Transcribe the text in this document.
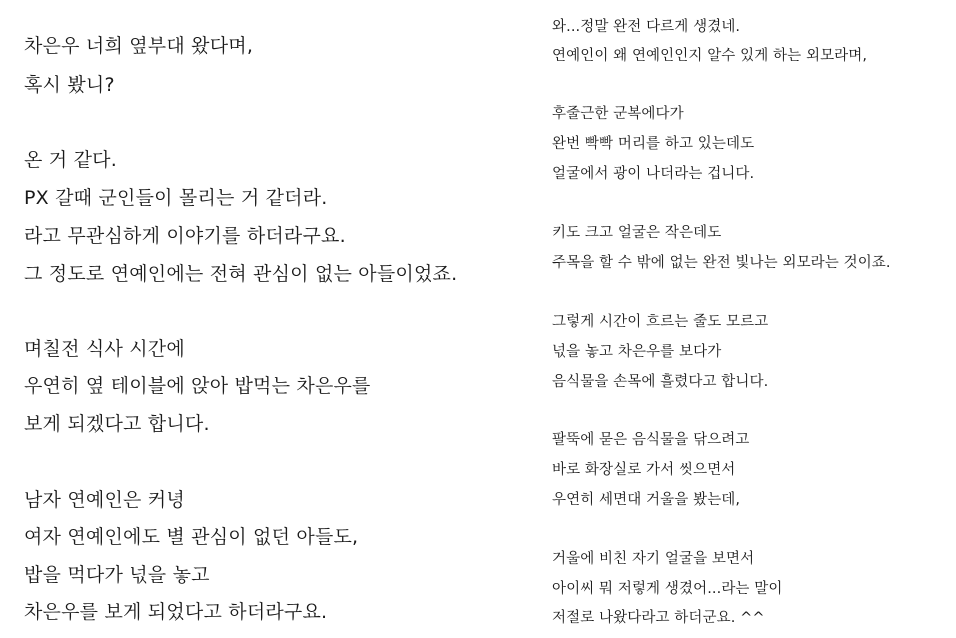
차은우 너희 옆부대 왔다며,

혹시 봤니?

온 거 같다.

PX 갈때 군인들이 몰리는 거 같더라.

라고 무관심하게 이야기를 하더라구요.

그 정도로 연예인에는 전혀 관심이 없는 아들이었죠.

며칠전 식사 시간에

우연히 옆 테이블에 앉아 밥먹는 차은우를

보게 되겠다고 합니다.

남자 연예인은 커녕

여자 연예인에도 별 관심이 없던 아들도,

밥을 먹다가 넋을 놓고

차은우를 보게 되었다고 하더라구요.

와...정말 완전 다르게 생겼네.

연예인이 왜 연예인인지 알수 있게 하는 외모라며,

후줄근한 군복에다가

완번 빡빡 머리를 하고 있는데도

얼굴에서 광이 나더라는 겁니다.

키도 크고 얼굴은 작은데도

주목을 할 수 밖에 없는 완전 빛나는 외모라는 것이죠.

그렇게 시간이 흐르는 줄도 모르고

넋을 놓고 차은우를 보다가

음식물을 손목에 흘렸다고 합니다.

팔뚝에 묻은 음식물을 닦으려고

바로 화장실로 가서 씻으면서

우연히 세면대 거울을 봤는데,

거울에 비친 자기 얼굴을 보면서

아이씨 뭐 저렇게 생겼어...라는 말이

저절로 나왔다라고 하더군요. ^^
